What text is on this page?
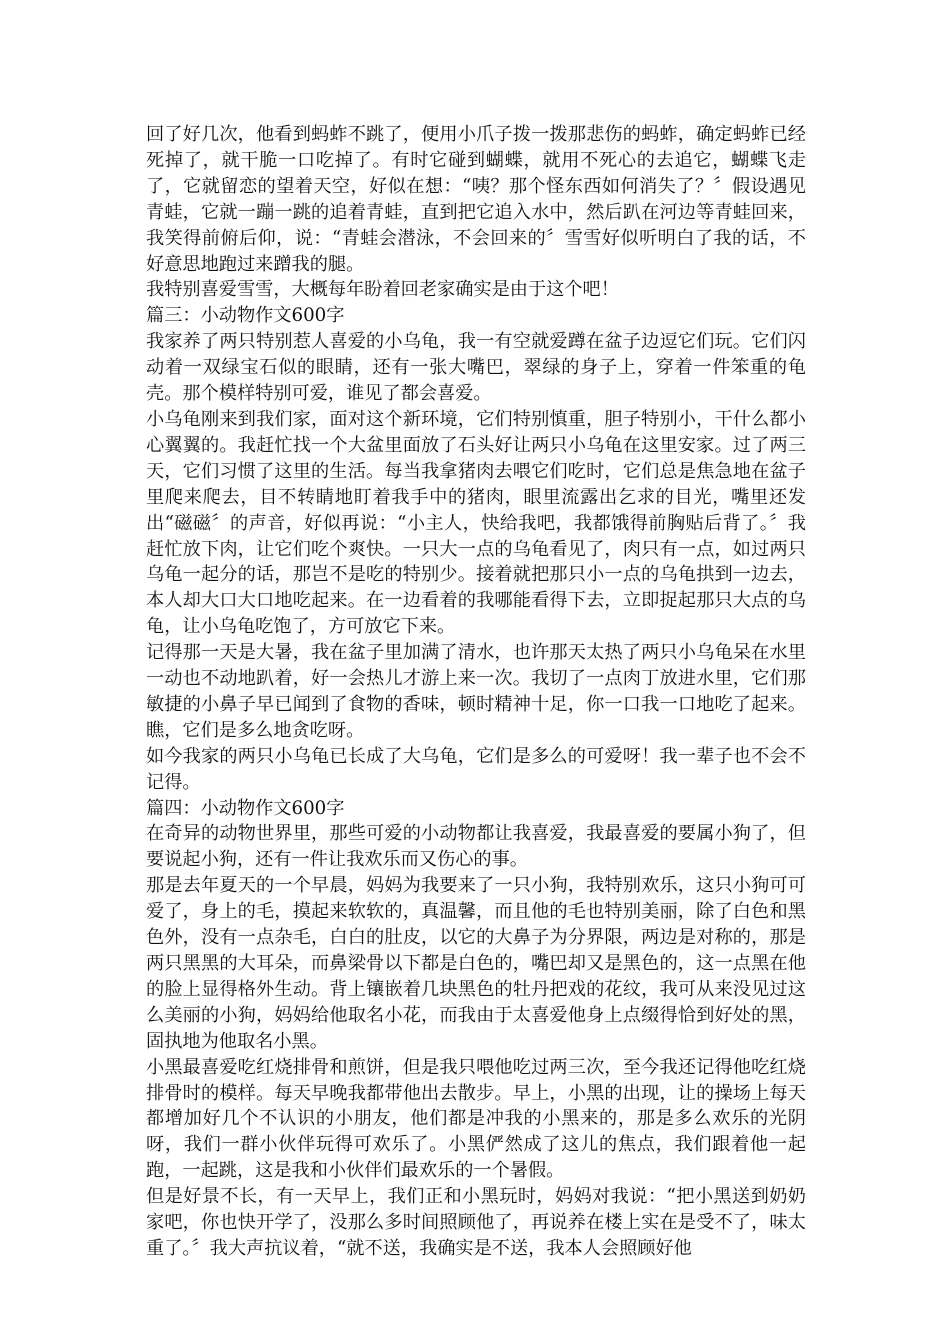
回了好几次，他看到蚂蚱不跳了，便用小爪子拨一拨那悲伤的蚂蚱，确定蚂蚱已经死掉了，就干脆一口吃掉了。有时它碰到蝴蝶，就用不死心的去追它，蝴蝶飞走了，它就留恋的望着天空，好似在想：“咦？那个怪东西如何消失了？〞假设遇见青蛙，它就一蹦一跳的追着青蛙，直到把它追入水中，然后趴在河边等青蛙回来，我笑得前俯后仰，说：“青蛙会潜泳，不会回来的〞雪雪好似听明白了我的话，不好意思地跑过来蹭我的腿。

我特别喜爱雪雪，大概每年盼着回老家确实是由于这个吧！

篇三：小动物作文600字

我家养了两只特别惹人喜爱的小乌龟，我一有空就爱蹲在盆子边逗它们玩。它们闪动着一双绿宝石似的眼睛，还有一张大嘴巴，翠绿的身子上，穿着一件笨重的龟壳。那个模样特别可爱，谁见了都会喜爱。

小乌龟刚来到我们家，面对这个新环境，它们特别慎重，胆子特别小，干什么都小心翼翼的。我赶忙找一个大盆里面放了石头好让两只小乌龟在这里安家。过了两三天，它们习惯了这里的生活。每当我拿猪肉去喂它们吃时，它们总是焦急地在盆子里爬来爬去，目不转睛地盯着我手中的猪肉，眼里流露出乞求的目光，嘴里还发出“磁磁〞的声音，好似再说：“小主人，快给我吧，我都饿得前胸贴后背了。〞我赶忙放下肉，让它们吃个爽快。一只大一点的乌龟看见了，肉只有一点，如过两只乌龟一起分的话，那岂不是吃的特别少。接着就把那只小一点的乌龟拱到一边去，本人却大口大口地吃起来。在一边看着的我哪能看得下去，立即捉起那只大点的乌龟，让小乌龟吃饱了，方可放它下来。

记得那一天是大暑，我在盆子里加满了清水，也许那天太热了两只小乌龟呆在水里一动也不动地趴着，好一会热儿才游上来一次。我切了一点肉丁放进水里，它们那敏捷的小鼻子早已闻到了食物的香味，顿时精神十足，你一口我一口地吃了起来。瞧，它们是多么地贪吃呀。

如今我家的两只小乌龟已长成了大乌龟，它们是多么的可爱呀！我一辈子也不会不记得。

篇四：小动物作文600字

在奇异的动物世界里，那些可爱的小动物都让我喜爱，我最喜爱的要属小狗了，但要说起小狗，还有一件让我欢乐而又伤心的事。

那是去年夏天的一个早晨，妈妈为我要来了一只小狗，我特别欢乐，这只小狗可可爱了，身上的毛，摸起来软软的，真温馨，而且他的毛也特别美丽，除了白色和黑色外，没有一点杂毛，白白的肚皮，以它的大鼻子为分界限，两边是对称的，那是两只黑黑的大耳朵，而鼻梁骨以下都是白色的，嘴巴却又是黑色的，这一点黑在他的脸上显得格外生动。背上镶嵌着几块黑色的牡丹把戏的花纹，我可从来没见过这么美丽的小狗，妈妈给他取名小花，而我由于太喜爱他身上点缀得恰到好处的黑，固执地为他取名小黑。

小黑最喜爱吃红烧排骨和煎饼，但是我只喂他吃过两三次，至今我还记得他吃红烧排骨时的模样。每天早晚我都带他出去散步。早上，小黑的出现，让的操场上每天都增加好几个不认识的小朋友，他们都是冲我的小黑来的，那是多么欢乐的光阴呀，我们一群小伙伴玩得可欢乐了。小黑俨然成了这儿的焦点，我们跟着他一起跑，一起跳，这是我和小伙伴们最欢乐的一个暑假。

但是好景不长，有一天早上，我们正和小黑玩时，妈妈对我说：“把小黑送到奶奶家吧，你也快开学了，没那么多时间照顾他了，再说养在楼上实在是受不了，味太重了。〞我大声抗议着，“就不送，我确实是不送，我本人会照顾好他
